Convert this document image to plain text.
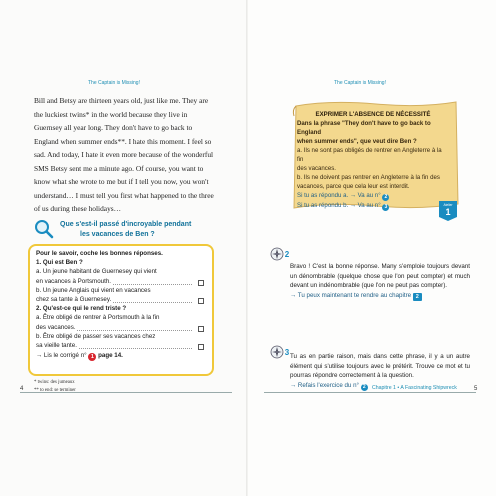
The Captain is Missing!
Bill and Betsy are thirteen years old, just like me. They are the luckiest twins* in the world because they live in Guernsey all year long. They don't have to go back to England when summer ends**. I hate this moment. I feel so sad. And today, I hate it even more because of the wonderful SMS Betsy sent me a minute ago. Of course, you want to know what she wrote to me but if I tell you now, you won't understand… I must tell you first what happened to the three of us during these holidays…
Que s'est-il passé d'incroyable pendant
les vacances de Ben ?
Pour le savoir, coche les bonnes réponses.
1. Qui est Ben ?
a. Un jeune habitant de Guernesey qui vient
en vacances à Portsmouth.
b. Un jeune Anglais qui vient en vacances
chez sa tante à Guernesey.
2. Qu'est-ce qui le rend triste ?
a. Être obligé de rentrer à Portsmouth à la fin
des vacances.
b. Être obligé de passer ses vacances chez
sa vieille tante.
→ Lis le corrigé n° 1 page 14.
* twins: des jumeaux
** to end: se terminer
4
The Captain is Missing!
EXPRIMER L'ABSENCE DE NÉCESSITÉ
Dans la phrase "They don't have to go back to England
when summer ends", que veut dire Ben ?
a. Ils ne sont pas obligés de rentrer en Angleterre à la fin
des vacances.
b. Ils ne doivent pas rentrer en Angleterre à la fin des
vacances, parce que cela leur est interdit.
Si tu as répondu a. → Va au n° 2
Si tu as répondu b. → Va au n° 3	Atelier
1
2
Bravo ! C'est la bonne réponse. Many s'emploie toujours devant un dénombrable (quelque chose que l'on peut compter) et much devant un indénombrable (que l'on ne peut pas compter).
→ Tu peux maintenant te rendre au chapitre 2
3 Tu as en partie raison, mais dans cette phrase, il y a un autre élément qui s'utilise toujours avec le prétérit. Trouve ce mot et tu pourras répondre correctement à la question.
→ Refais l'exercice du n° 2	Chapitre 1 • A Fascinating Shipwreck	5
